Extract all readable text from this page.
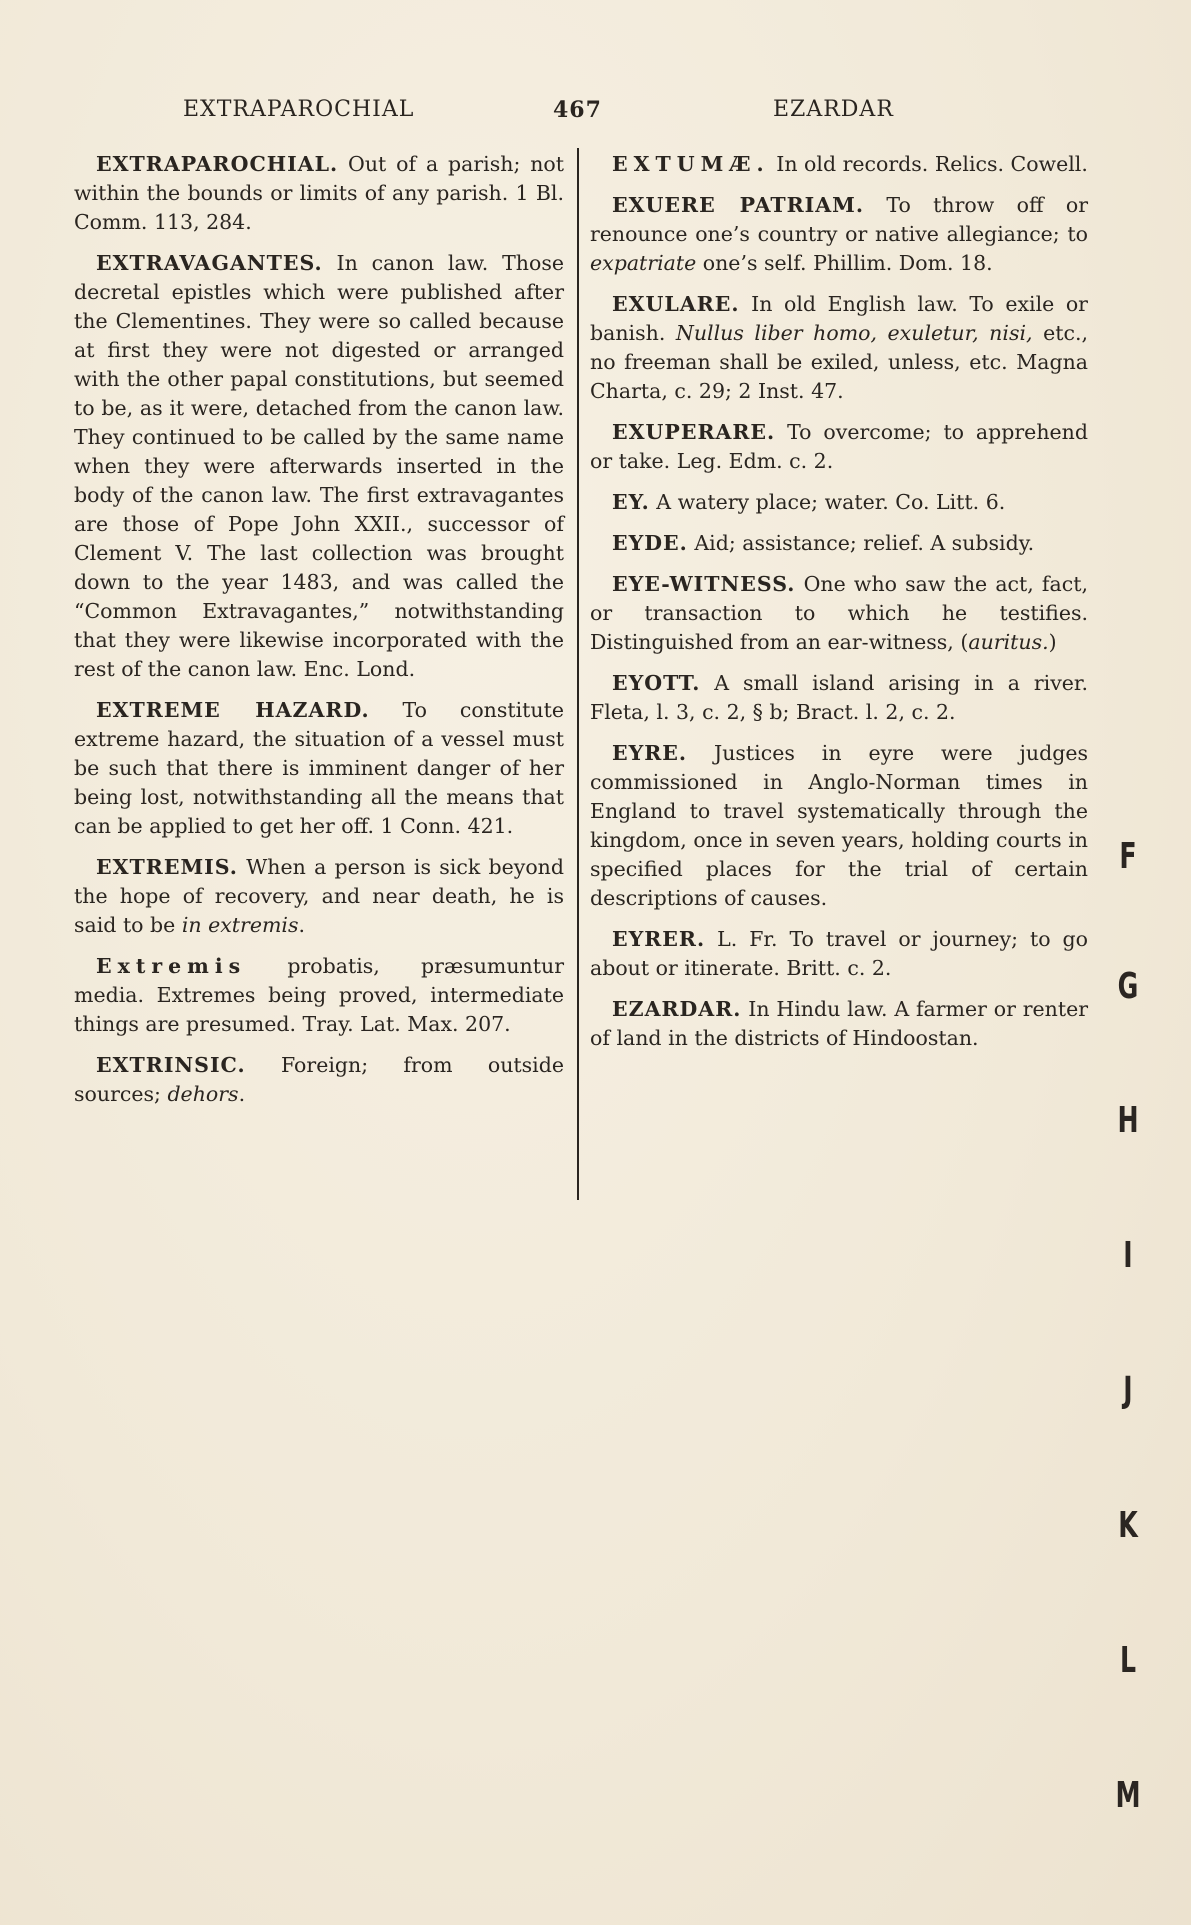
EXTRAPAROCHIAL	467	EZARDAR

EXTRAPAROCHIAL. Out of a parish; not within the bounds or limits of any parish. 1 Bl. Comm. 113, 284.

EXTRAVAGANTES. In canon law. Those decretal epistles which were published after the Clementines. They were so called because at first they were not digested or arranged with the other papal constitutions, but seemed to be, as it were, detached from the canon law. They continued to be called by the same name when they were afterwards inserted in the body of the canon law. The first extravagantes are those of Pope John XXII., successor of Clement V. The last collection was brought down to the year 1483, and was called the “Common Extravagantes,” notwithstanding that they were likewise incorporated with the rest of the canon law. Enc. Lond.

EXTREME HAZARD. To constitute extreme hazard, the situation of a vessel must be such that there is imminent danger of her being lost, notwithstanding all the means that can be applied to get her off. 1 Conn. 421.

EXTREMIS. When a person is sick beyond the hope of recovery, and near death, he is said to be in extremis.

Extremis probatis, præsumuntur media. Extremes being proved, intermediate things are presumed. Tray. Lat. Max. 207.

EXTRINSIC. Foreign; from outside sources; dehors.

EXTUMÆ. In old records. Relics. Cowell.

EXUERE PATRIAM. To throw off or renounce one’s country or native allegiance; to expatriate one’s self. Phillim. Dom. 18.

EXULARE. In old English law. To exile or banish. Nullus liber homo, exuletur, nisi, etc., no freeman shall be exiled, unless, etc. Magna Charta, c. 29; 2 Inst. 47.

EXUPERARE. To overcome; to apprehend or take. Leg. Edm. c. 2.

EY. A watery place; water. Co. Litt. 6.

EYDE. Aid; assistance; relief. A subsidy.

EYE-WITNESS. One who saw the act, fact, or transaction to which he testifies. Distinguished from an ear-witness, (auritus.)

EYOTT. A small island arising in a river. Fleta, l. 3, c. 2, § b; Bract. l. 2, c. 2.

EYRE. Justices in eyre were judges commissioned in Anglo-Norman times in England to travel systematically through the kingdom, once in seven years, holding courts in specified places for the trial of certain descriptions of causes.

EYRER. L. Fr. To travel or journey; to go about or itinerate. Britt. c. 2.

EZARDAR. In Hindu law. A farmer or renter of land in the districts of Hindoostan.

F
G
H
I
J
K
L
M
